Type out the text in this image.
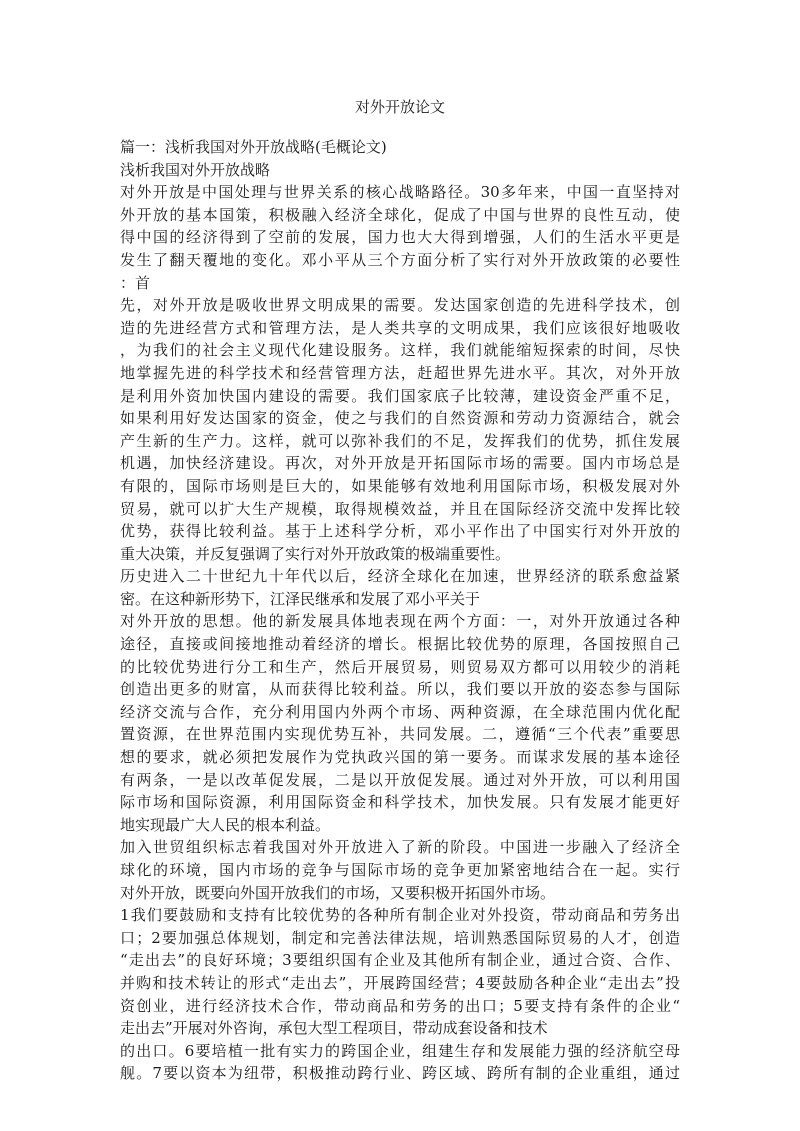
对外开放论文
篇一：浅析我国对外开放战略(毛概论文)
浅析我国对外开放战略
对外开放是中国处理与世界关系的核心战略路径。30多年来，中国一直坚持对
外开放的基本国策，积极融入经济全球化，促成了中国与世界的良性互动，使
得中国的经济得到了空前的发展，国力也大大得到增强，人们的生活水平更是
发生了翻天覆地的变化。邓小平从三个方面分析了实行对外开放政策的必要性
：首
先，对外开放是吸收世界文明成果的需要。发达国家创造的先进科学技术，创
造的先进经营方式和管理方法，是人类共享的文明成果，我们应该很好地吸收
，为我们的社会主义现代化建设服务。这样，我们就能缩短探索的时间，尽快
地掌握先进的科学技术和经营管理方法，赶超世界先进水平。其次，对外开放
是利用外资加快国内建设的需要。我们国家底子比较薄，建设资金严重不足，
如果利用好发达国家的资金，使之与我们的自然资源和劳动力资源结合，就会
产生新的生产力。这样，就可以弥补我们的不足，发挥我们的优势，抓住发展
机遇，加快经济建设。再次，对外开放是开拓国际市场的需要。国内市场总是
有限的，国际市场则是巨大的，如果能够有效地利用国际市场，积极发展对外
贸易，就可以扩大生产规模，取得规模效益，并且在国际经济交流中发挥比较
优势，获得比较利益。基于上述科学分析，邓小平作出了中国实行对外开放的
重大决策，并反复强调了实行对外开放政策的极端重要性。
历史进入二十世纪九十年代以后，经济全球化在加速，世界经济的联系愈益紧
密。在这种新形势下，江泽民继承和发展了邓小平关于
对外开放的思想。他的新发展具体地表现在两个方面：一，对外开放通过各种
途径，直接或间接地推动着经济的增长。根据比较优势的原理，各国按照自己
的比较优势进行分工和生产，然后开展贸易，则贸易双方都可以用较少的消耗
创造出更多的财富，从而获得比较利益。所以，我们要以开放的姿态参与国际
经济交流与合作，充分利用国内外两个市场、两种资源，在全球范围内优化配
置资源，在世界范围内实现优势互补，共同发展。二，遵循“三个代表”重要思
想的要求，就必须把发展作为党执政兴国的第一要务。而谋求发展的基本途径
有两条，一是以改革促发展，二是以开放促发展。通过对外开放，可以利用国
际市场和国际资源，利用国际资金和科学技术，加快发展。只有发展才能更好
地实现最广大人民的根本利益。
加入世贸组织标志着我国对外开放进入了新的阶段。中国进一步融入了经济全
球化的环境，国内市场的竞争与国际市场的竞争更加紧密地结合在一起。实行
对外开放，既要向外国开放我们的市场，又要积极开拓国外市场。
1我们要鼓励和支持有比较优势的各种所有制企业对外投资，带动商品和劳务出
口；2要加强总体规划，制定和完善法律法规，培训熟悉国际贸易的人才，创造
“走出去”的良好环境；3要组织国有企业及其他所有制企业，通过合资、合作、
并购和技术转让的形式“走出去”，开展跨国经营；4要鼓励各种企业“走出去”投
资创业，进行经济技术合作，带动商品和劳务的出口；5要支持有条件的企业“
走出去”开展对外咨询，承包大型工程项目，带动成套设备和技术
的出口。6要培植一批有实力的跨国企业，组建生存和发展能力强的经济航空母
舰。7要以资本为纽带，积极推动跨行业、跨区域、跨所有制的企业重组，通过
